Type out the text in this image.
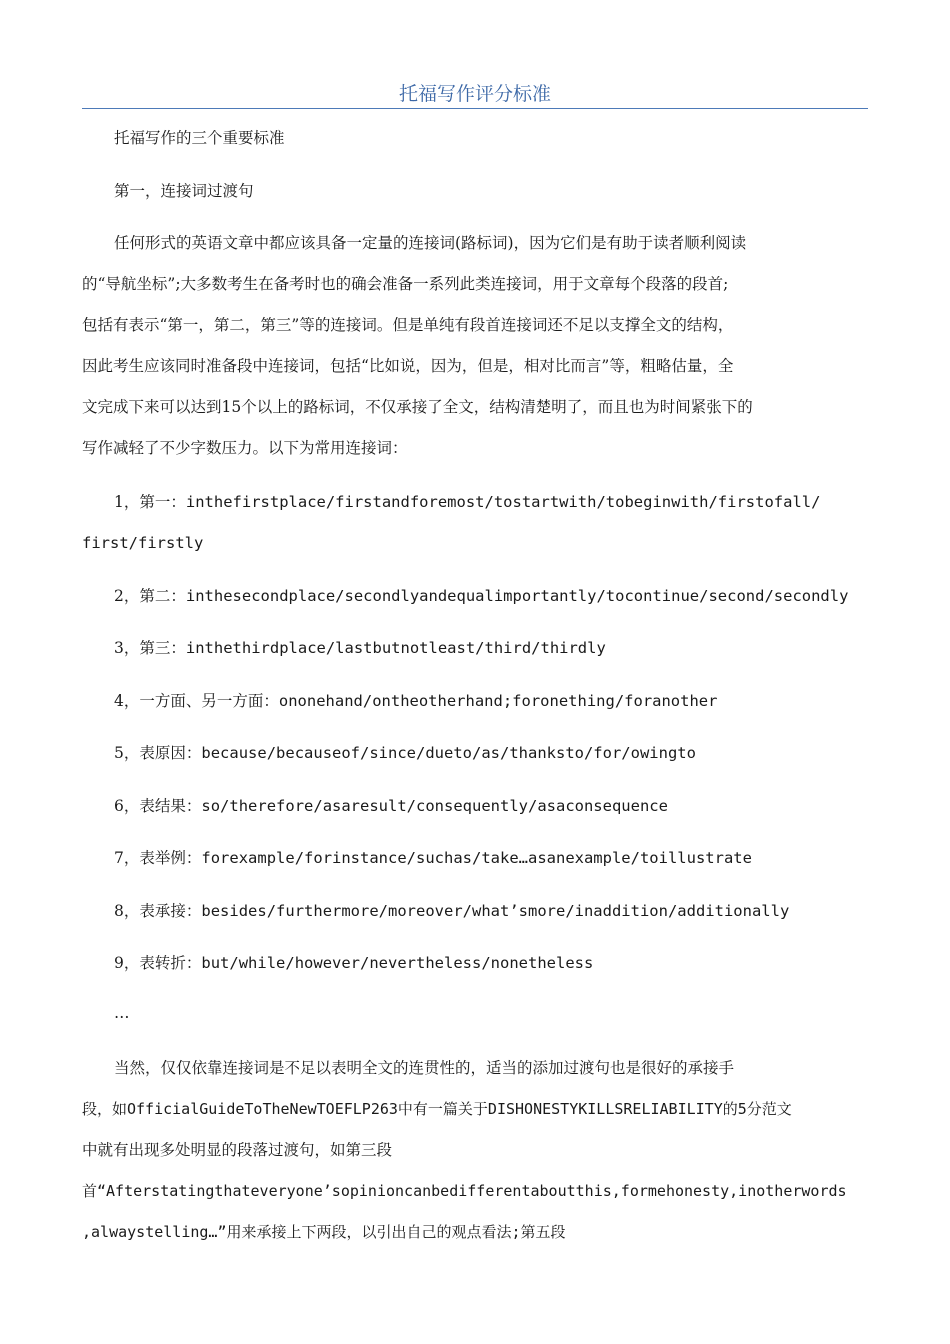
托福写作评分标准
托福写作的三个重要标准
第一，连接词过渡句
任何形式的英语文章中都应该具备一定量的连接词(路标词)，因为它们是有助于读者顺利阅读
的“导航坐标”;大多数考生在备考时也的确会准备一系列此类连接词，用于文章每个段落的段首;
包括有表示“第一，第二，第三”等的连接词。但是单纯有段首连接词还不足以支撑全文的结构，
因此考生应该同时准备段中连接词，包括“比如说，因为，但是，相对比而言”等，粗略估量，全
文完成下来可以达到15个以上的路标词，不仅承接了全文，结构清楚明了，而且也为时间紧张下的
写作减轻了不少字数压力。以下为常用连接词：
1，第一：inthefirstplace/firstandforemost/tostartwith/tobeginwith/firstofall/
first/firstly
2，第二：inthesecondplace/secondlyandequalimportantly/tocontinue/second/secondly
3，第三：inthethirdplace/lastbutnotleast/third/thirdly
4，一方面、另一方面：ononehand/ontheotherhand;foronething/foranother
5，表原因：because/becauseof/since/dueto/as/thanksto/for/owingto
6，表结果：so/therefore/asaresult/consequently/asaconsequence
7，表举例：forexample/forinstance/suchas/take…asanexample/toillustrate
8，表承接：besides/furthermore/moreover/what’smore/inaddition/additionally
9，表转折：but/while/however/nevertheless/nonetheless
…
当然，仅仅依靠连接词是不足以表明全文的连贯性的，适当的添加过渡句也是很好的承接手
段，如OfficialGuideToTheNewTOEFLP263中有一篇关于DISHONESTYKILLSRELIABILITY的5分范文
中就有出现多处明显的段落过渡句，如第三段
首“Afterstatingthateveryone’sopinioncanbedifferentaboutthis,formehonesty,inotherwords
,alwaystelling…”用来承接上下两段，以引出自己的观点看法;第五段
